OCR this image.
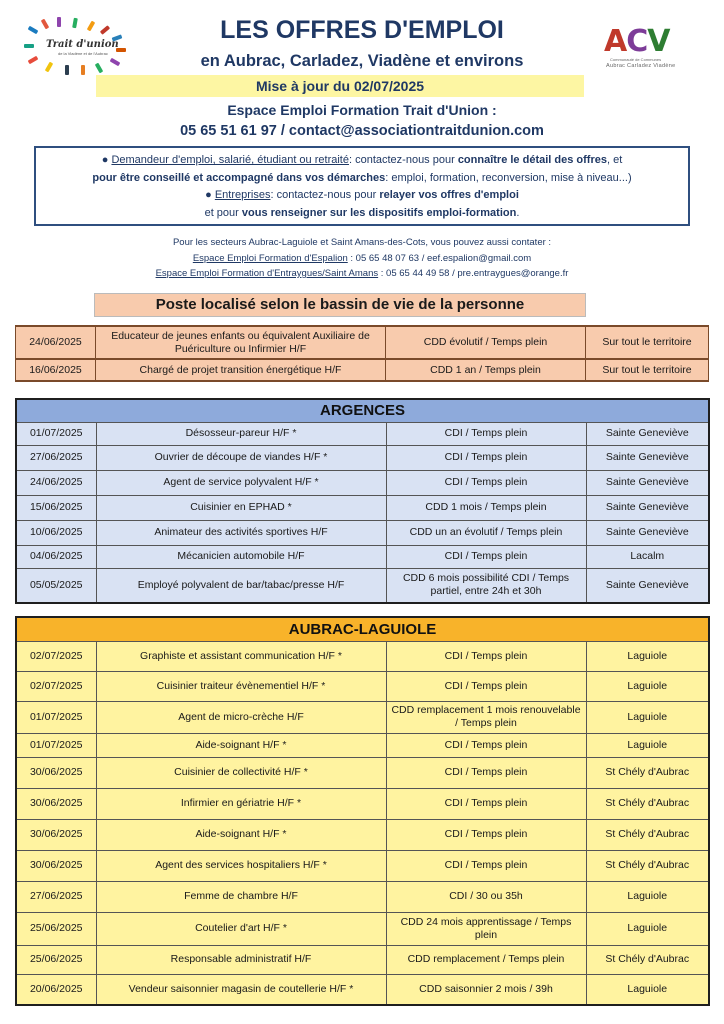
Trait d'union
de la Viadène et de l'Aubrac	ACV
Communauté de Communes
Aubrac Carladez Viadène
LES OFFRES D'EMPLOI
en Aubrac, Carladez, Viadène et environs
Mise à jour du 02/07/2025
Espace Emploi Formation Trait d'Union :
05 65 51 61 97 / contact@associationtraitdunion.com
● Demandeur d'emploi, salarié, étudiant ou retraité: contactez-nous pour connaître le détail des offres, et
pour être conseillé et accompagné dans vos démarches: emploi, formation, reconversion, mise à niveau...)
● Entreprises: contactez-nous pour relayer vos offres d'emploi
et pour vous renseigner sur les dispositifs emploi-formation.
Pour les secteurs Aubrac-Laguiole et Saint Amans-des-Cots, vous pouvez aussi contater :
Espace Emploi Formation d'Espalion : 05 65 48 07 63 / eef.espalion@gmail.com
Espace Emploi Formation d'Entraygues/Saint Amans : 05 65 44 49 58 / pre.entraygues@orange.fr
Poste localisé selon le bassin de vie de la personne
24/06/2025	Educateur de jeunes enfants ou équivalent Auxiliaire de Puériculture ou Infirmier H/F	CDD évolutif / Temps plein	Sur tout le territoire
16/06/2025	Chargé de projet transition énergétique H/F	CDD 1 an / Temps plein	Sur tout le territoire
ARGENCES			
01/07/2025	Désosseur-pareur H/F *	CDI / Temps plein	Sainte Geneviève
27/06/2025	Ouvrier de découpe de viandes H/F *	CDI / Temps plein	Sainte Geneviève
24/06/2025	Agent de service polyvalent H/F *	CDI / Temps plein	Sainte Geneviève
15/06/2025	Cuisinier en EPHAD *	CDD 1 mois / Temps plein	Sainte Geneviève
10/06/2025	Animateur des activités sportives H/F	CDD un an évolutif / Temps plein	Sainte Geneviève
04/06/2025	Mécanicien automobile H/F	CDI / Temps plein	Lacalm
05/05/2025	Employé polyvalent de bar/tabac/presse H/F	CDD 6 mois possibilité CDI / Temps partiel, entre 24h et 30h	Sainte Geneviève
AUBRAC-LAGUIOLE			
02/07/2025	Graphiste et assistant communication H/F *	CDI / Temps plein	Laguiole
02/07/2025	Cuisinier traiteur évènementiel H/F *	CDI / Temps plein	Laguiole
01/07/2025	Agent de micro-crèche H/F	CDD remplacement 1 mois renouvelable / Temps plein	Laguiole
01/07/2025	Aide-soignant H/F *	CDI / Temps plein	Laguiole
30/06/2025	Cuisinier de collectivité H/F *	CDI / Temps plein	St Chély d'Aubrac
30/06/2025	Infirmier en gériatrie H/F *	CDI / Temps plein	St Chély d'Aubrac
30/06/2025	Aide-soignant H/F *	CDI / Temps plein	St Chély d'Aubrac
30/06/2025	Agent des services hospitaliers H/F *	CDI / Temps plein	St Chély d'Aubrac
27/06/2025	Femme de chambre H/F	CDI / 30 ou 35h	Laguiole
25/06/2025	Coutelier d'art H/F *	CDD 24 mois apprentissage / Temps plein	Laguiole
25/06/2025	Responsable administratif H/F	CDD remplacement / Temps plein	St Chély d'Aubrac
20/06/2025	Vendeur saisonnier magasin de coutellerie H/F *	CDD saisonnier 2 mois / 39h	Laguiole
